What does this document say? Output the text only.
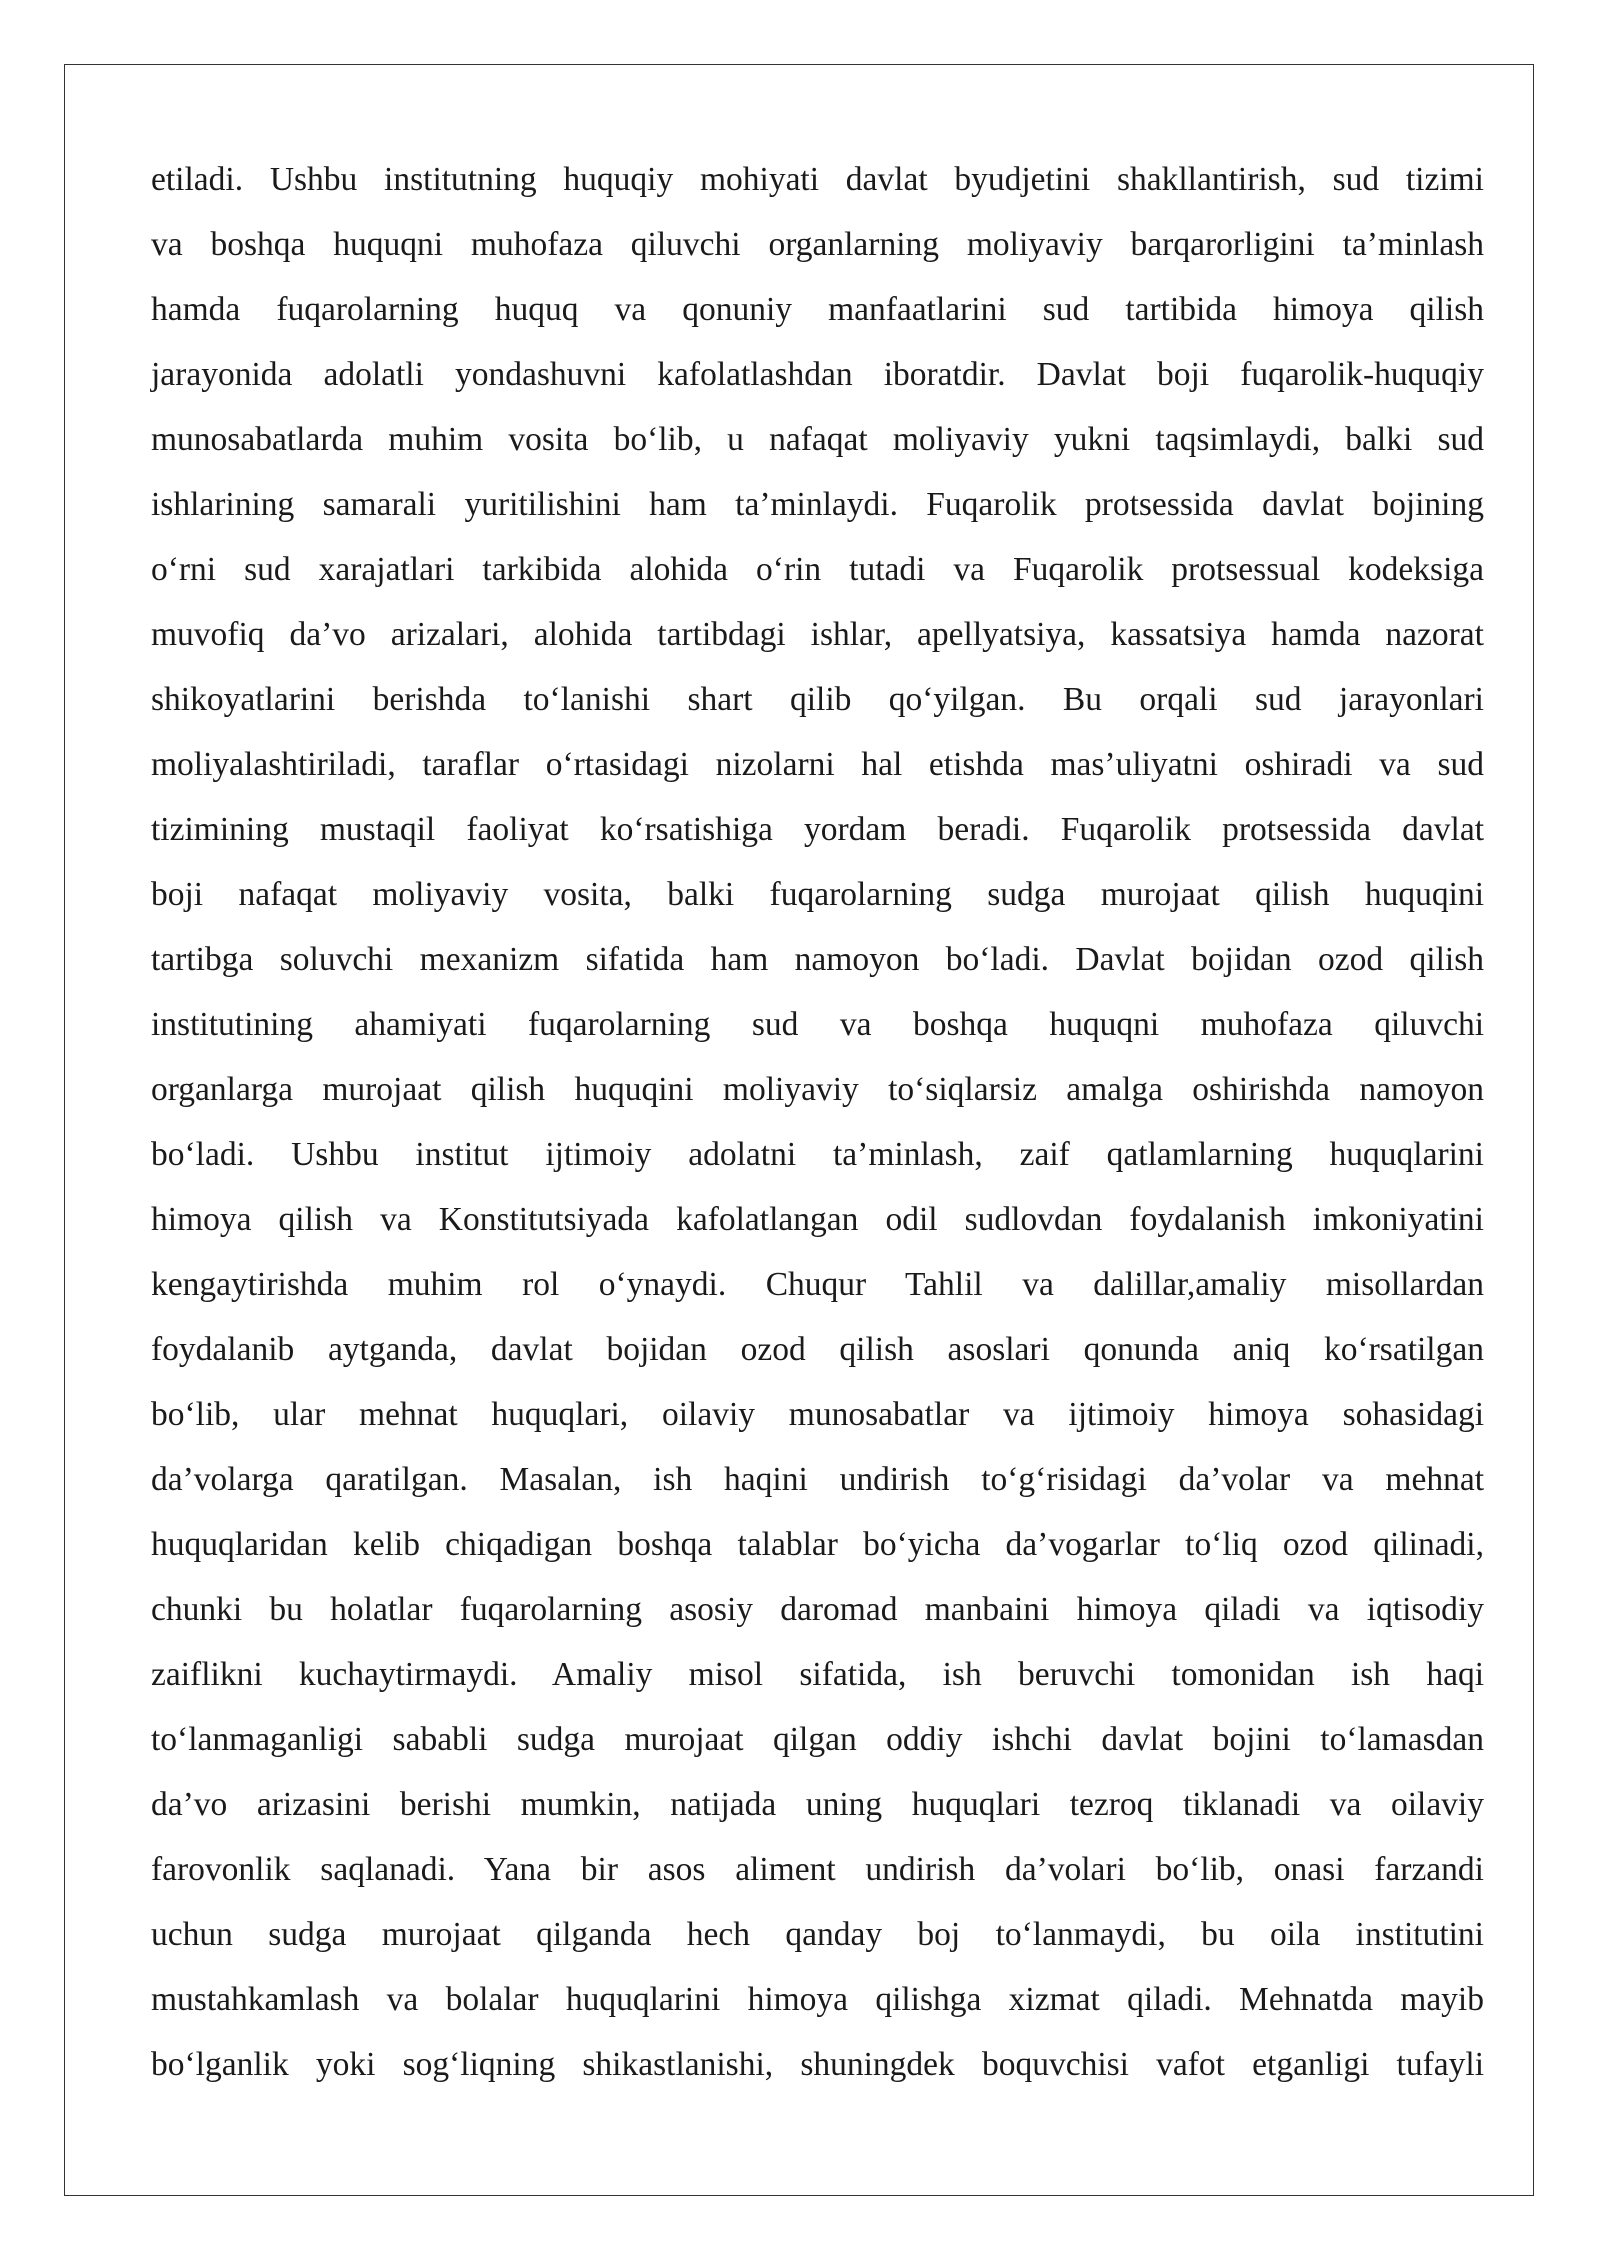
etiladi. Ushbu institutning huquqiy mohiyati davlat byudjetini shakllantirish, sud tizimi
va boshqa huquqni muhofaza qiluvchi organlarning moliyaviy barqarorligini ta’minlash
hamda fuqarolarning huquq va qonuniy manfaatlarini sud tartibida himoya qilish
jarayonida adolatli yondashuvni kafolatlashdan iboratdir. Davlat boji fuqarolik-huquqiy
munosabatlarda muhim vosita bo‘lib, u nafaqat moliyaviy yukni taqsimlaydi, balki sud
ishlarining samarali yuritilishini ham ta’minlaydi. Fuqarolik protsessida davlat bojining
o‘rni sud xarajatlari tarkibida alohida o‘rin tutadi va Fuqarolik protsessual kodeksiga
muvofiq da’vo arizalari, alohida tartibdagi ishlar, apellyatsiya, kassatsiya hamda nazorat
shikoyatlarini berishda to‘lanishi shart qilib qo‘yilgan. Bu orqali sud jarayonlari
moliyalashtiriladi, taraflar o‘rtasidagi nizolarni hal etishda mas’uliyatni oshiradi va sud
tizimining mustaqil faoliyat ko‘rsatishiga yordam beradi. Fuqarolik protsessida davlat
boji nafaqat moliyaviy vosita, balki fuqarolarning sudga murojaat qilish huquqini
tartibga soluvchi mexanizm sifatida ham namoyon bo‘ladi. Davlat bojidan ozod qilish
institutining ahamiyati fuqarolarning sud va boshqa huquqni muhofaza qiluvchi
organlarga murojaat qilish huquqini moliyaviy to‘siqlarsiz amalga oshirishda namoyon
bo‘ladi. Ushbu institut ijtimoiy adolatni ta’minlash, zaif qatlamlarning huquqlarini
himoya qilish va Konstitutsiyada kafolatlangan odil sudlovdan foydalanish imkoniyatini
kengaytirishda muhim rol o‘ynaydi. Chuqur Tahlil va dalillar,amaliy misollardan
foydalanib aytganda, davlat bojidan ozod qilish asoslari qonunda aniq ko‘rsatilgan
bo‘lib, ular mehnat huquqlari, oilaviy munosabatlar va ijtimoiy himoya sohasidagi
da’volarga qaratilgan. Masalan, ish haqini undirish to‘g‘risidagi da’volar va mehnat
huquqlaridan kelib chiqadigan boshqa talablar bo‘yicha da’vogarlar to‘liq ozod qilinadi,
chunki bu holatlar fuqarolarning asosiy daromad manbaini himoya qiladi va iqtisodiy
zaiflikni kuchaytirmaydi. Amaliy misol sifatida, ish beruvchi tomonidan ish haqi
to‘lanmaganligi sababli sudga murojaat qilgan oddiy ishchi davlat bojini to‘lamasdan
da’vo arizasini berishi mumkin, natijada uning huquqlari tezroq tiklanadi va oilaviy
farovonlik saqlanadi. Yana bir asos aliment undirish da’volari bo‘lib, onasi farzandi
uchun sudga murojaat qilganda hech qanday boj to‘lanmaydi, bu oila institutini
mustahkamlash va bolalar huquqlarini himoya qilishga xizmat qiladi. Mehnatda mayib
bo‘lganlik yoki sog‘liqning shikastlanishi, shuningdek boquvchisi vafot etganligi tufayli
